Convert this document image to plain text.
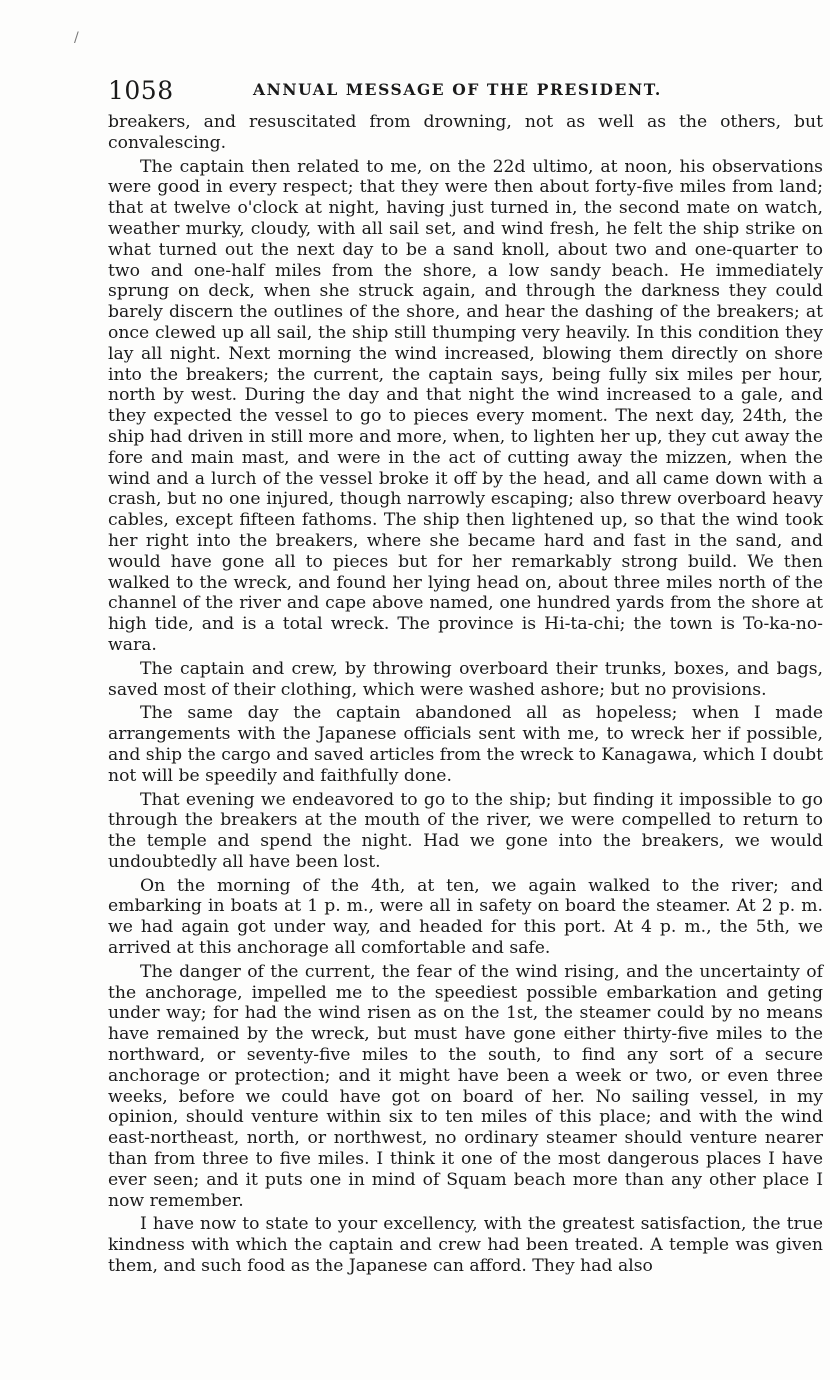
/
1058	ANNUAL MESSAGE OF THE PRESIDENT.

breakers, and resuscitated from drowning, not as well as the others, but convalescing.

The captain then related to me, on the 22d ultimo, at noon, his observations were good in every respect; that they were then about forty-five miles from land; that at twelve o'clock at night, having just turned in, the second mate on watch, weather murky, cloudy, with all sail set, and wind fresh, he felt the ship strike on what turned out the next day to be a sand knoll, about two and one-quarter to two and one-half miles from the shore, a low sandy beach. He immediately sprung on deck, when she struck again, and through the darkness they could barely discern the outlines of the shore, and hear the dashing of the breakers; at once clewed up all sail, the ship still thumping very heavily. In this condition they lay all night. Next morning the wind increased, blowing them directly on shore into the breakers; the current, the captain says, being fully six miles per hour, north by west. During the day and that night the wind increased to a gale, and they expected the vessel to go to pieces every moment. The next day, 24th, the ship had driven in still more and more, when, to lighten her up, they cut away the fore and main mast, and were in the act of cutting away the mizzen, when the wind and a lurch of the vessel broke it off by the head, and all came down with a crash, but no one injured, though narrowly escaping; also threw overboard heavy cables, except fifteen fathoms. The ship then lightened up, so that the wind took her right into the breakers, where she became hard and fast in the sand, and would have gone all to pieces but for her remarkably strong build. We then walked to the wreck, and found her lying head on, about three miles north of the channel of the river and cape above named, one hundred yards from the shore at high tide, and is a total wreck. The province is Hi-ta-chi; the town is To-ka-no-wara.

The captain and crew, by throwing overboard their trunks, boxes, and bags, saved most of their clothing, which were washed ashore; but no provisions.

The same day the captain abandoned all as hopeless; when I made arrangements with the Japanese officials sent with me, to wreck her if possible, and ship the cargo and saved articles from the wreck to Kanagawa, which I doubt not will be speedily and faithfully done.

That evening we endeavored to go to the ship; but finding it impossible to go through the breakers at the mouth of the river, we were compelled to return to the temple and spend the night. Had we gone into the breakers, we would undoubtedly all have been lost.

On the morning of the 4th, at ten, we again walked to the river; and embarking in boats at 1 p. m., were all in safety on board the steamer. At 2 p. m. we had again got under way, and headed for this port. At 4 p. m., the 5th, we arrived at this anchorage all comfortable and safe.

The danger of the current, the fear of the wind rising, and the uncertainty of the anchorage, impelled me to the speediest possible embarkation and geting under way; for had the wind risen as on the 1st, the steamer could by no means have remained by the wreck, but must have gone either thirty-five miles to the northward, or seventy-five miles to the south, to find any sort of a secure anchorage or protection; and it might have been a week or two, or even three weeks, before we could have got on board of her. No sailing vessel, in my opinion, should venture within six to ten miles of this place; and with the wind east-northeast, north, or northwest, no ordinary steamer should venture nearer than from three to five miles. I think it one of the most dangerous places I have ever seen; and it puts one in mind of Squam beach more than any other place I now remember.

I have now to state to your excellency, with the greatest satisfaction, the true kindness with which the captain and crew had been treated. A temple was given them, and such food as the Japanese can afford. They had also
